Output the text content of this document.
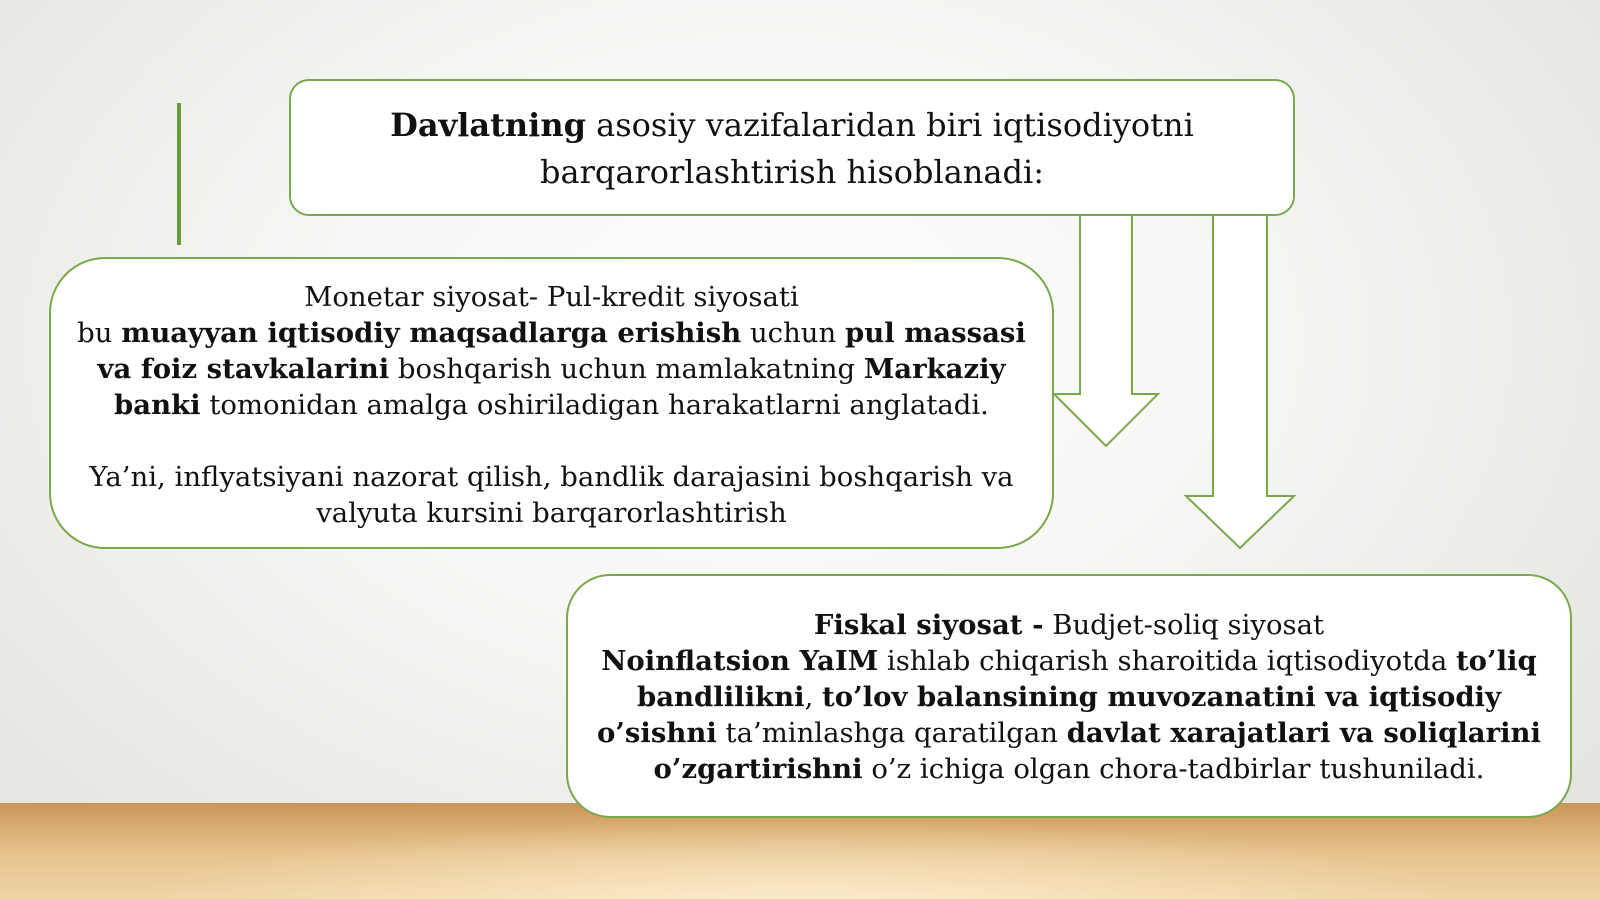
Davlatning asosiy vazifalaridan biri iqtisodiyotni barqarorlashtirish hisoblanadi:

Monetar siyosat- Pul-kredit siyosati

bu muayyan iqtisodiy maqsadlarga erishish uchun pul massasi va foiz stavkalarini boshqarish uchun mamlakatning Markaziy banki tomonidan amalga oshiriladigan harakatlarni anglatadi.

Ya’ni, inflyatsiyani nazorat qilish, bandlik darajasini boshqarish va valyuta kursini barqarorlashtirish

Fiskal siyosat - Budjet-soliq siyosat

Noinflatsion YaIM ishlab chiqarish sharoitida iqtisodiyotda to’liq bandlilikni, to’lov balansining muvozanatini va iqtisodiy o’sishni ta’minlashga qaratilgan davlat xarajatlari va soliqlarini o’zgartirishni o’z ichiga olgan chora-tadbirlar tushuniladi.
